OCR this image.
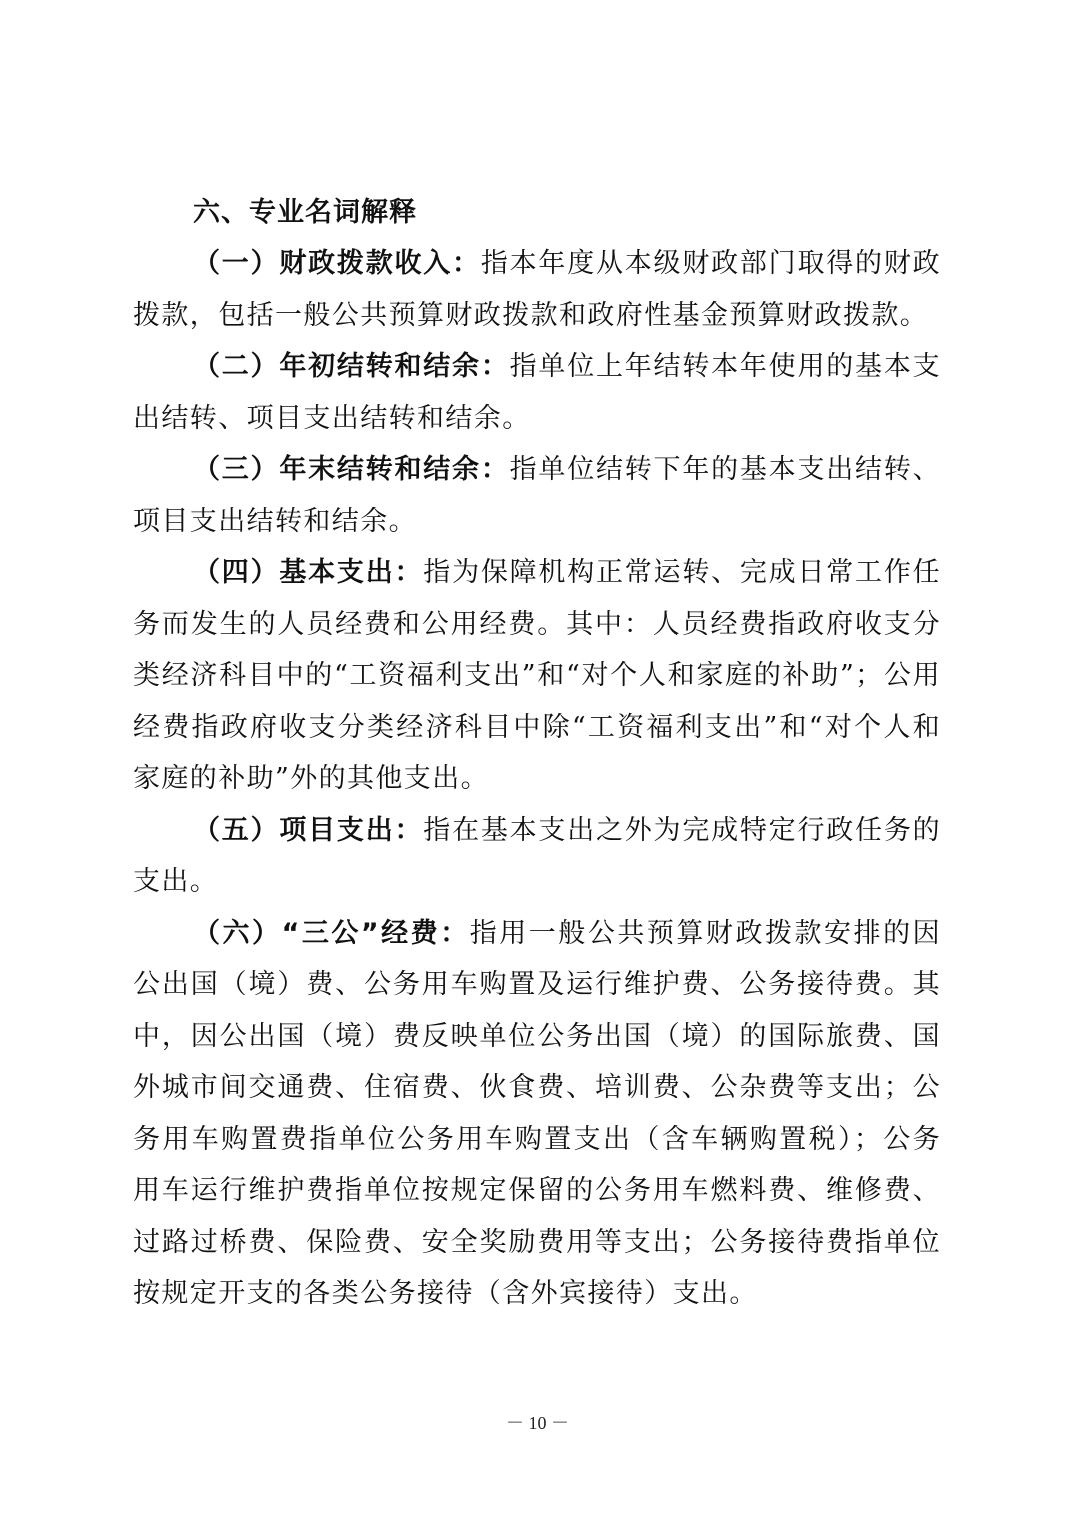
六、专业名词解释

（一）财政拨款收入：指本年度从本级财政部门取得的财政拨款，包括一般公共预算财政拨款和政府性基金预算财政拨款。

（二）年初结转和结余：指单位上年结转本年使用的基本支出结转、项目支出结转和结余。

（三）年末结转和结余：指单位结转下年的基本支出结转、项目支出结转和结余。

（四）基本支出：指为保障机构正常运转、完成日常工作任务而发生的人员经费和公用经费。其中：人员经费指政府收支分类经济科目中的“工资福利支出”和“对个人和家庭的补助”；公用经费指政府收支分类经济科目中除“工资福利支出”和“对个人和家庭的补助”外的其他支出。

（五）项目支出：指在基本支出之外为完成特定行政任务的支出。

（六）“三公”经费：指用一般公共预算财政拨款安排的因公出国（境）费、公务用车购置及运行维护费、公务接待费。其中，因公出国（境）费反映单位公务出国（境）的国际旅费、国外城市间交通费、住宿费、伙食费、培训费、公杂费等支出；公务用车购置费指单位公务用车购置支出（含车辆购置税）；公务用车运行维护费指单位按规定保留的公务用车燃料费、维修费、过路过桥费、保险费、安全奖励费用等支出；公务接待费指单位按规定开支的各类公务接待（含外宾接待）支出。

－ 10 －
